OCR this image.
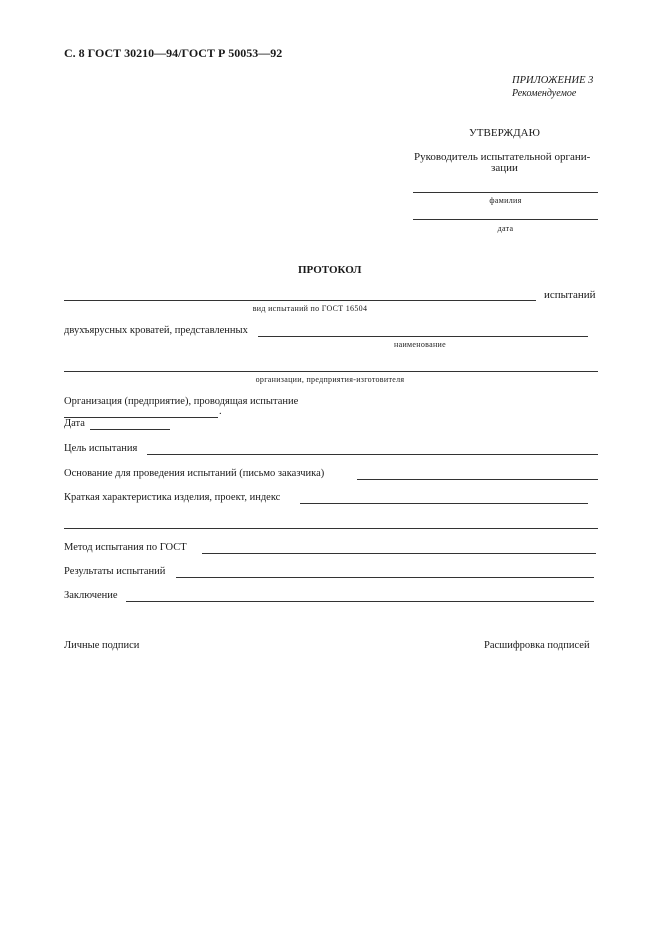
С. 8 ГОСТ 30210—94/ГОСТ Р 50053—92
ПРИЛОЖЕНИЕ 3
Рекомендуемое
УТВЕРЖДАЮ
Руководитель испытательной органи-
зации
фамилия
дата
ПРОТОКОЛ
испытаний
вид испытаний по ГОСТ 16504
двухъярусных кроватей, представленных
наименование
организации, предприятия-изготовителя
Организация (предприятие), проводящая испытание
.
Дата
Цель испытания
Основание для проведения испытаний (письмо заказчика)
Краткая характеристика изделия, проект, индекс
Метод испытания по ГОСТ
Результаты испытаний
Заключение
Личные подписи	Расшифровка подписей
